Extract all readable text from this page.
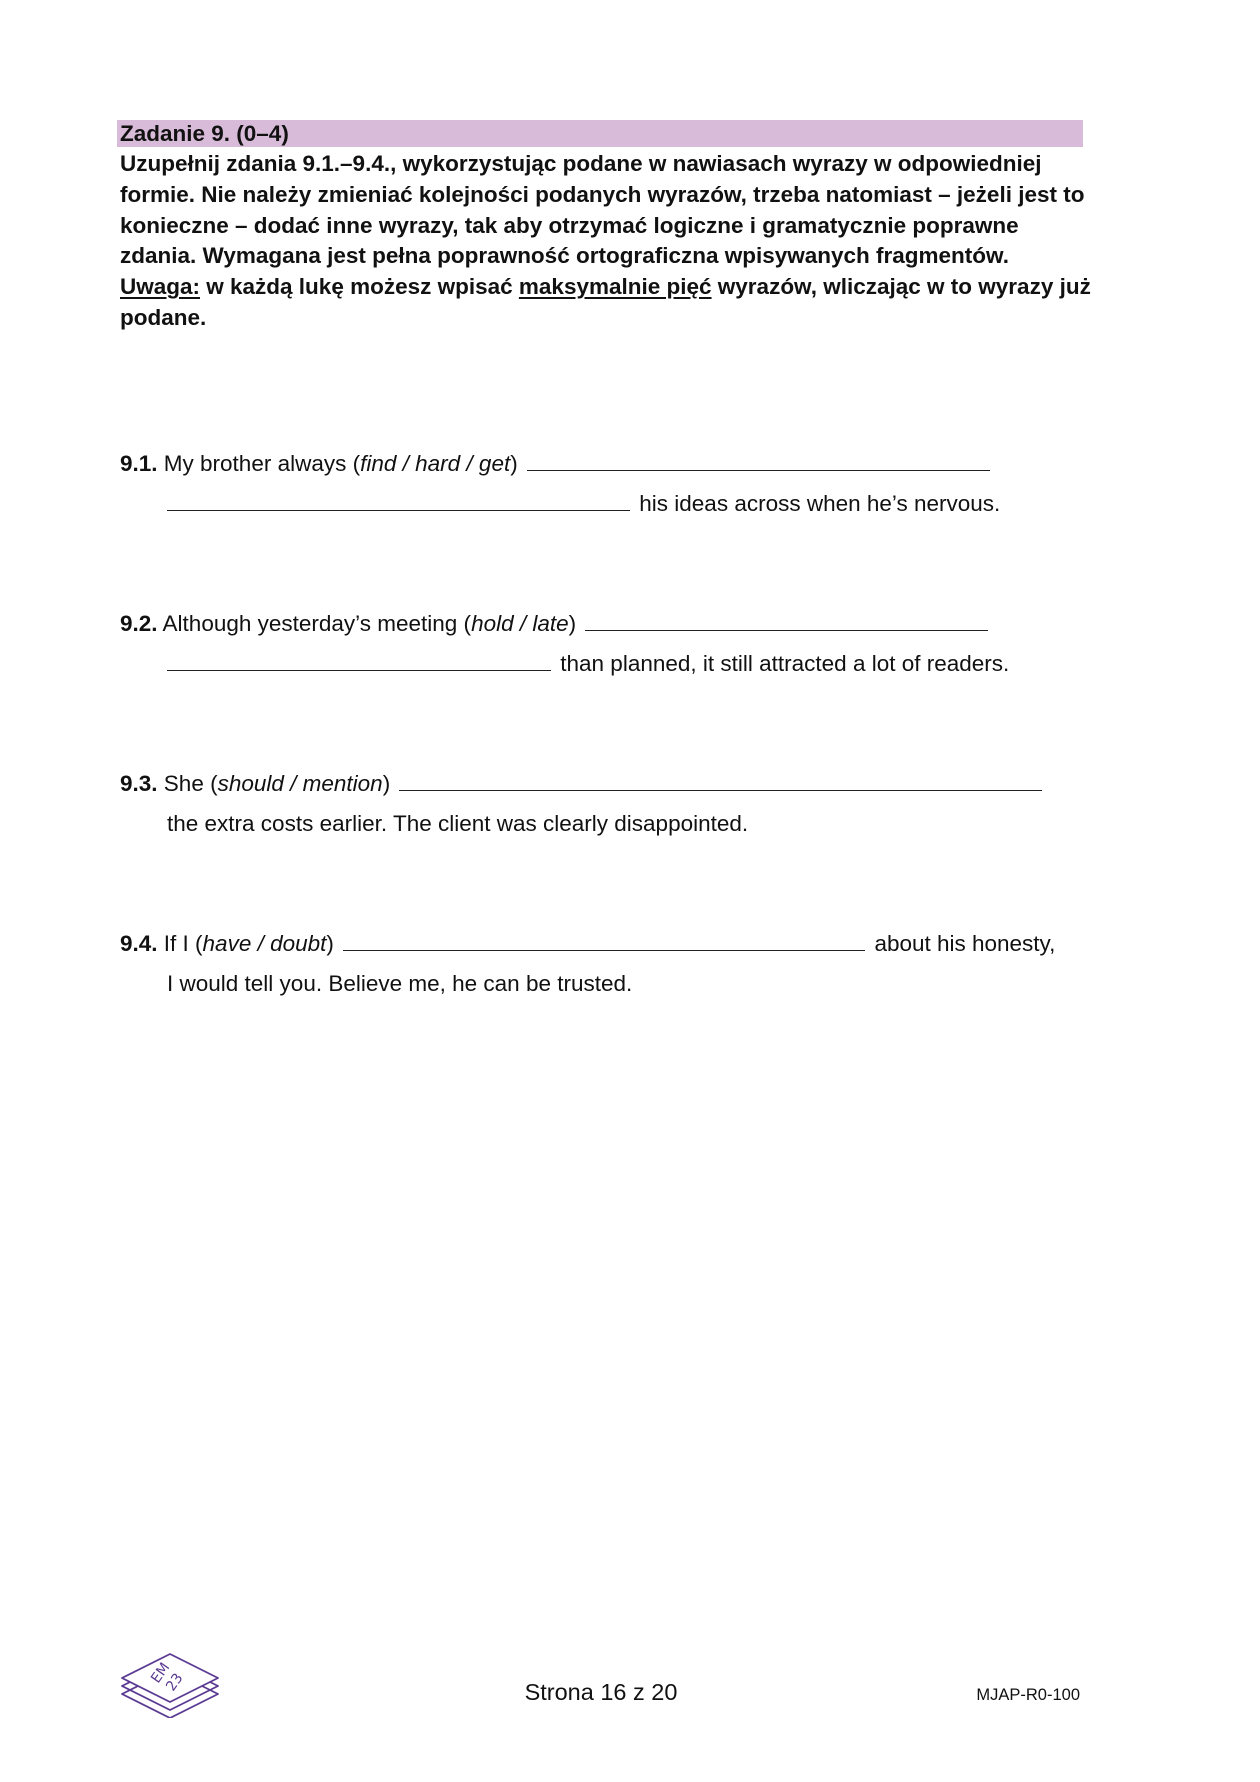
Zadanie 9. (0–4)

Uzupełnij zdania 9.1.–9.4., wykorzystując podane w nawiasach wyrazy w odpowiedniej formie. Nie należy zmieniać kolejności podanych wyrazów, trzeba natomiast – jeżeli jest to konieczne – dodać inne wyrazy, tak aby otrzymać logiczne i gramatycznie poprawne zdania. Wymagana jest pełna poprawność ortograficzna wpisywanych fragmentów.

Uwaga: w każdą lukę możesz wpisać maksymalnie pięć wyrazów, wliczając w to wyrazy już podane.

9.1. My brother always (find / hard / get)
his ideas across when he’s nervous.
9.2. Although yesterday’s meeting (hold / late)
than planned, it still attracted a lot of readers.
9.3. She (should / mention)
the extra costs earlier. The client was clearly disappointed.
9.4. If I (have / doubt)	about his honesty,
I would tell you. Believe me, he can be trusted.
EM
23	Strona 16 z 20	MJAP-R0-100
